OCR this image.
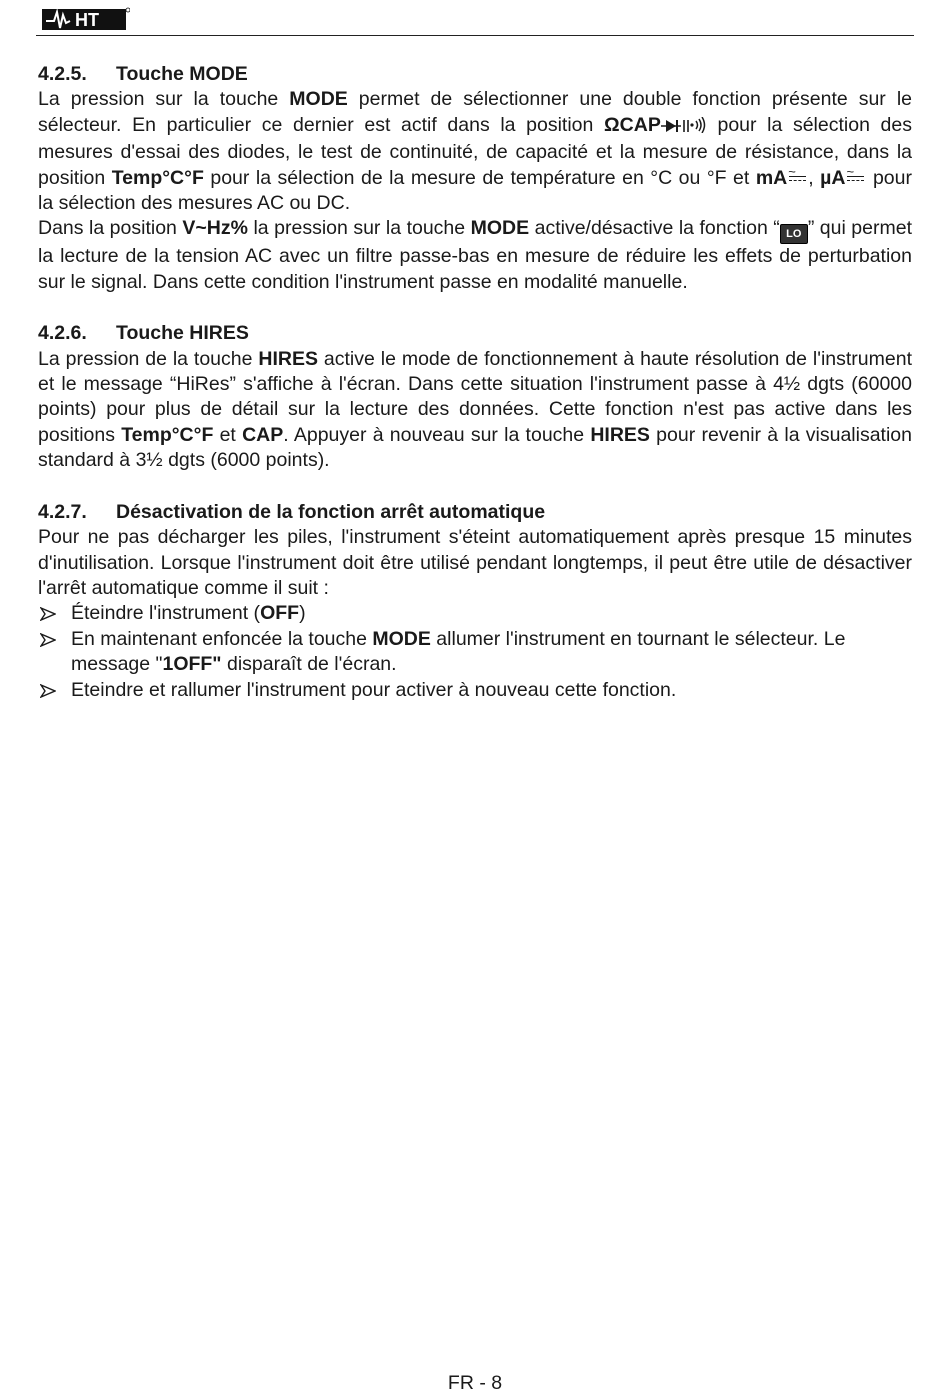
HT
4.2.5.	Touche MODE

La pression sur la touche MODE permet de sélectionner une double fonction présente sur le sélecteur. En particulier ce dernier est actif dans la position ΩCAP pour la sélection des mesures d'essai des diodes, le test de continuité, de capacité et la mesure de résistance, dans la position Temp°C°F pour la sélection de la mesure de température en °C ou °F et mA ~ , µA ~ pour la sélection des mesures AC ou DC.

Dans la position V~Hz% la pression sur la touche MODE active/désactive la fonction “ LO ” qui permet la lecture de la tension AC avec un filtre passe-bas en mesure de réduire les effets de perturbation sur le signal. Dans cette condition l'instrument passe en modalité manuelle.

4.2.6.	Touche HIRES

La pression de la touche HIRES active le mode de fonctionnement à haute résolution de l'instrument et le message “HiRes” s'affiche à l'écran. Dans cette situation l'instrument passe à 4½ dgts (60000 points) pour plus de détail sur la lecture des données. Cette fonction n'est pas active dans les positions Temp°C°F et CAP. Appuyer à nouveau sur la touche HIRES pour revenir à la visualisation standard à 3½ dgts (6000 points).

4.2.7.	Désactivation de la fonction arrêt automatique

Pour ne pas décharger les piles, l'instrument s'éteint automatiquement après presque 15 minutes d'inutilisation. Lorsque l'instrument doit être utilisé pendant longtemps, il peut être utile de désactiver l'arrêt automatique comme il suit :

Éteindre l'instrument (OFF)
En maintenant enfoncée la touche MODE allumer l'instrument en tournant le sélecteur. Le message "1OFF" disparaît de l'écran.
Eteindre et rallumer l'instrument pour activer à nouveau cette fonction.
FR - 8
